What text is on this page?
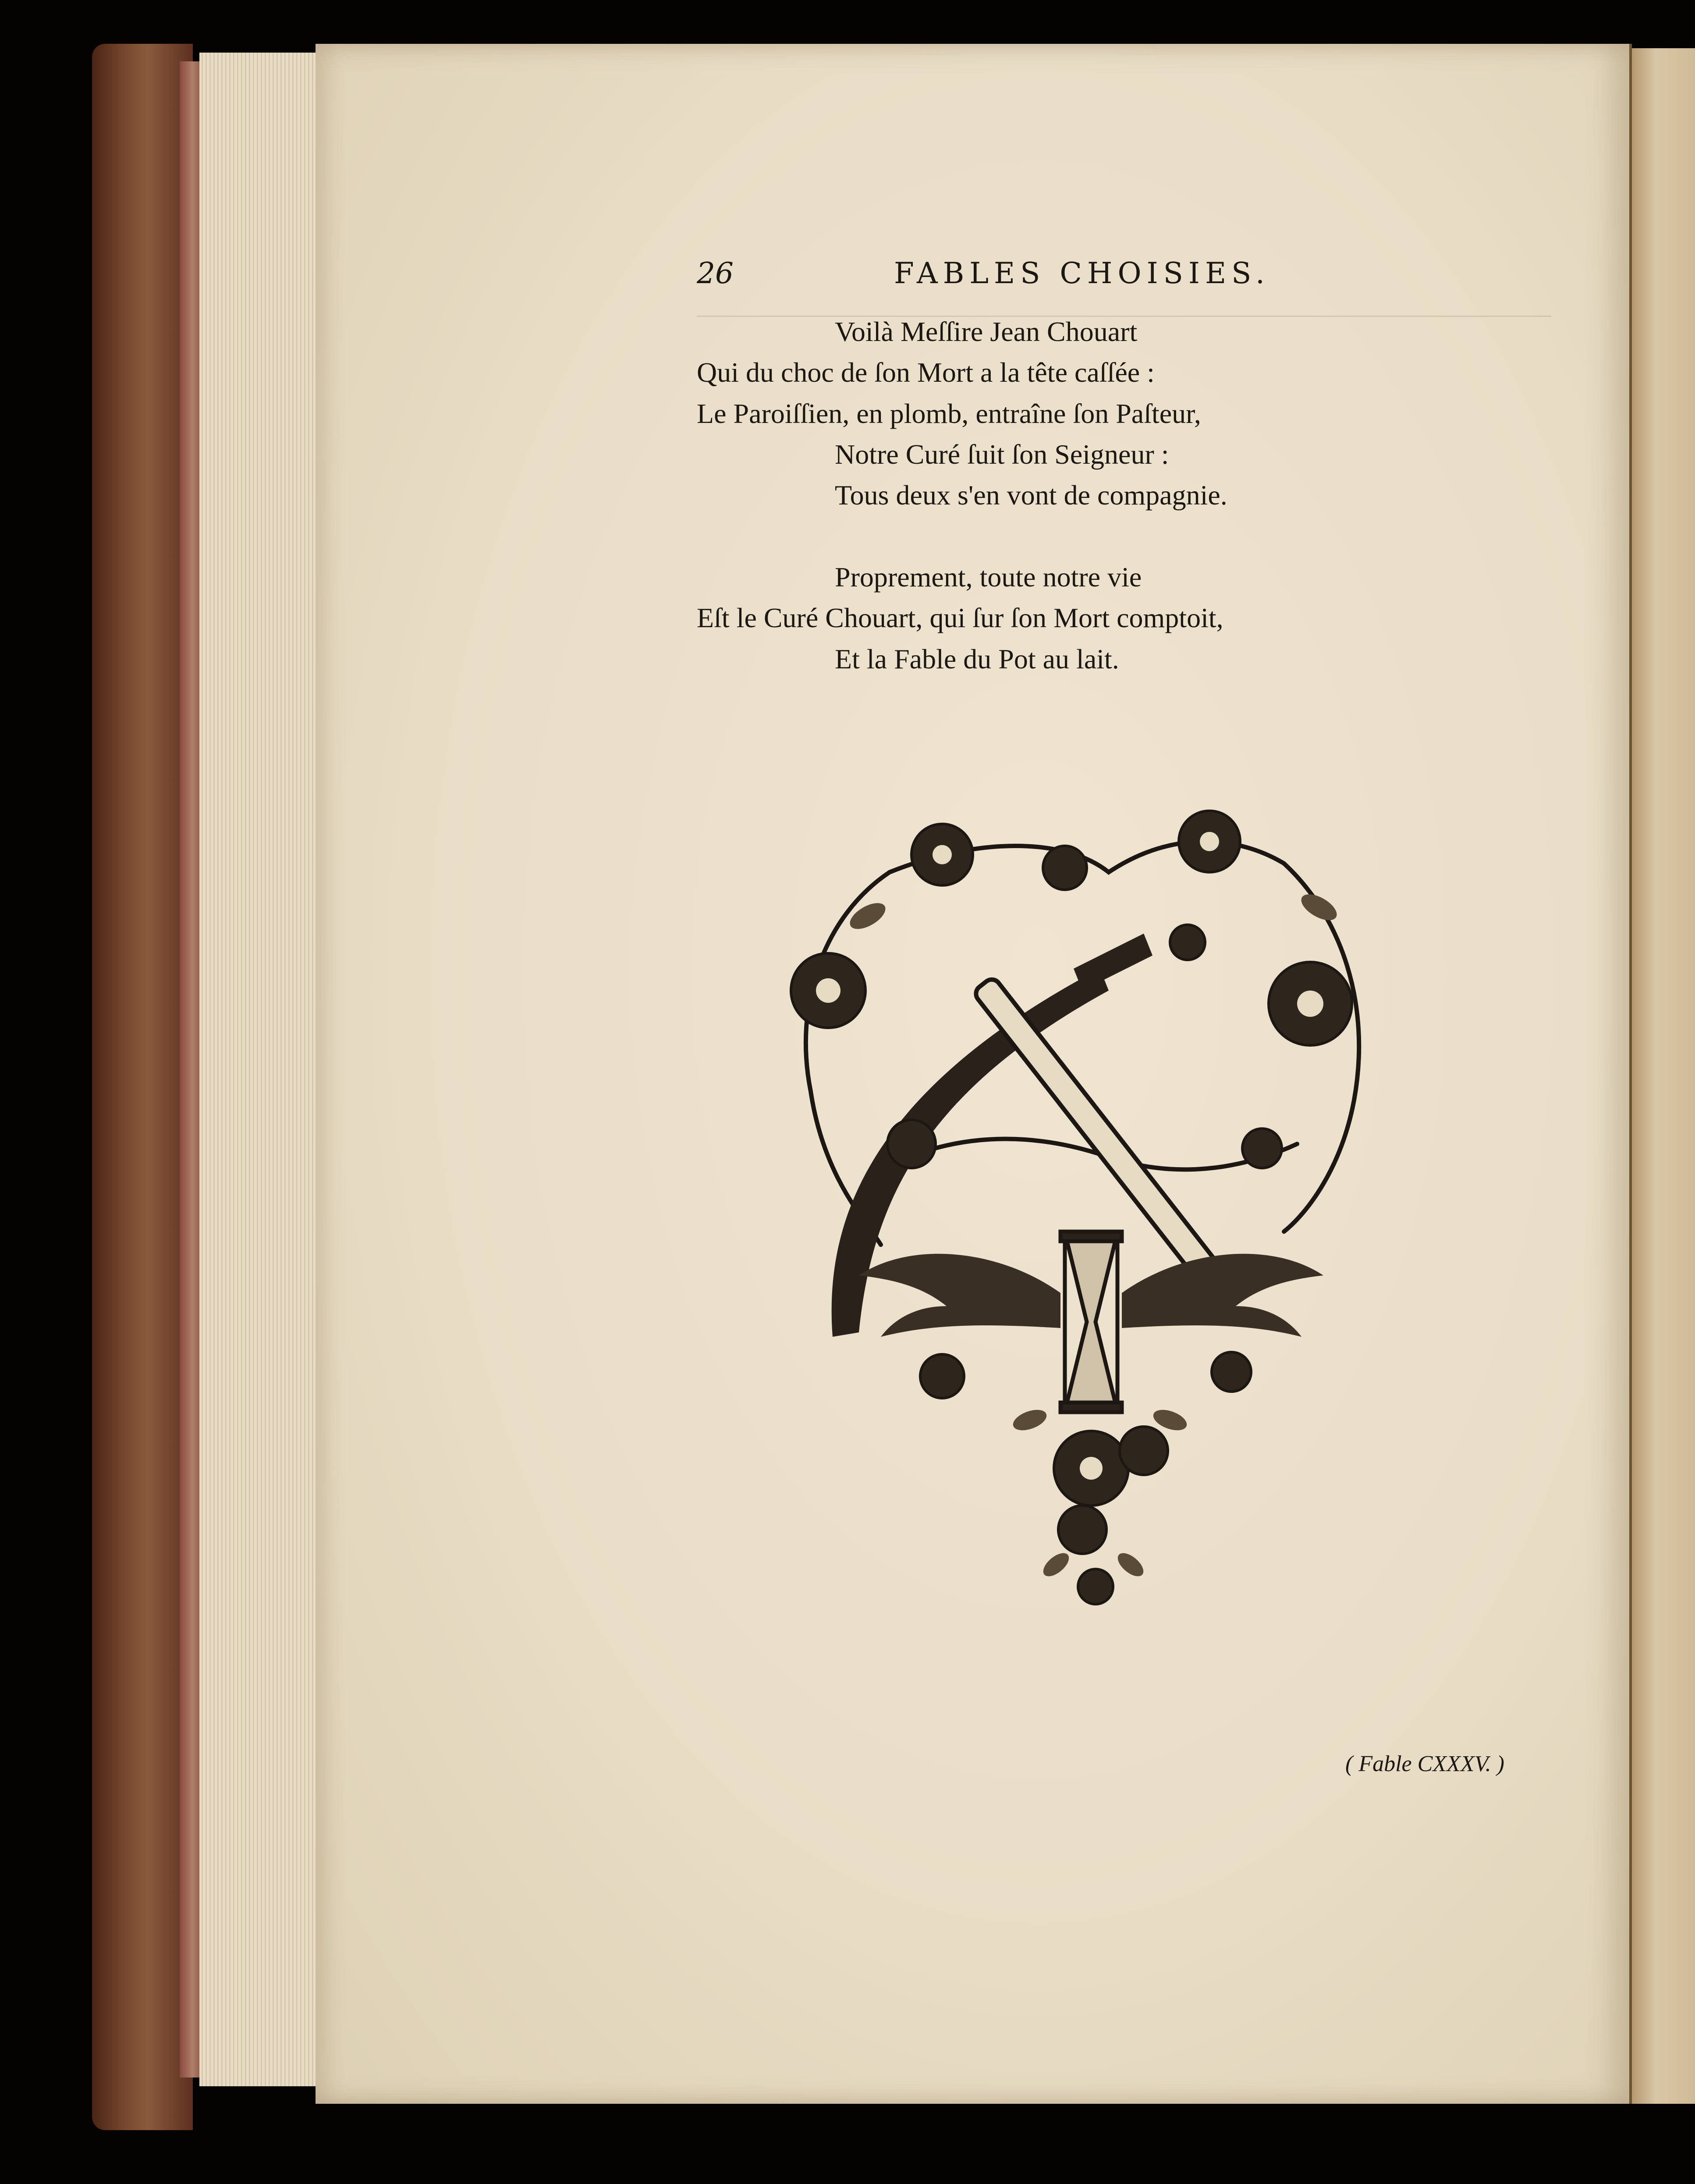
26	FABLES CHOISIES.
Voilà Meſſire Jean Chouart
Qui du choc de ſon Mort a la tête caſſée :
Le Paroiſſien, en plomb, entraîne ſon Paſteur,
Notre Curé ſuit ſon Seigneur :
Tous deux s'en vont de compagnie.
Proprement, toute notre vie
Eſt le Curé Chouart, qui ſur ſon Mort comptoit,
Et la Fable du Pot au lait.
( Fable CXXXV. )
